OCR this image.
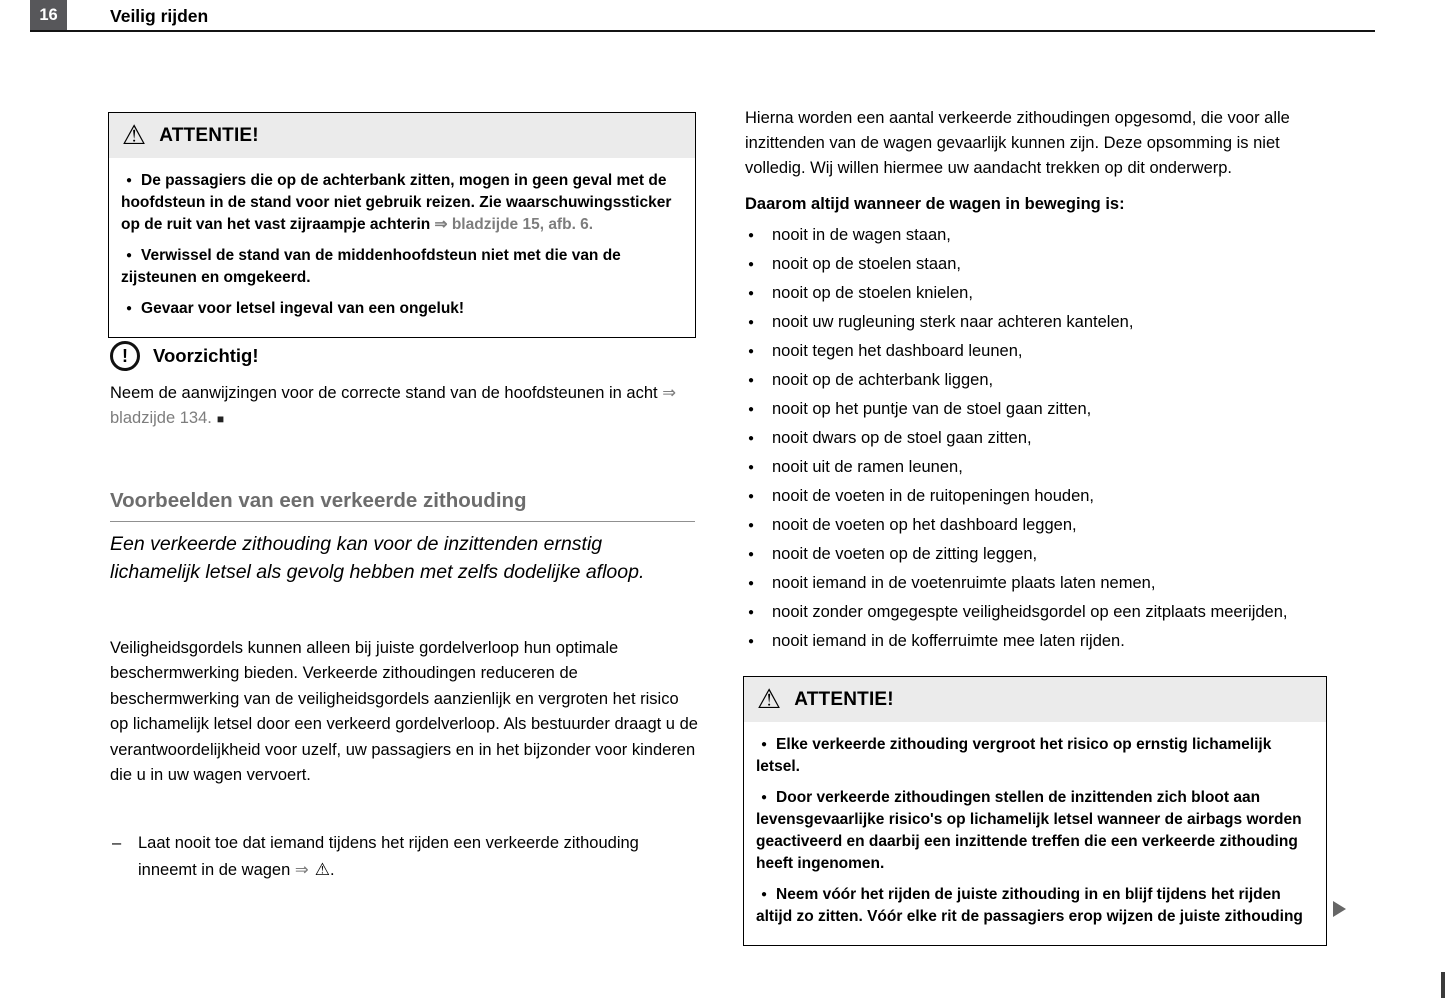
16	Veilig rijden
⚠ ATTENTIE!

● De passagiers die op de achterbank zitten, mogen in geen geval met de hoofdsteun in de stand voor niet gebruik reizen. Zie waarschuwingssticker op de ruit van het vast zijraampje achterin ⇒ bladzijde 15, afb. 6.

● Verwissel de stand van de middenhoofdsteun niet met die van de zijsteunen en omgekeerd.

● Gevaar voor letsel ingeval van een ongeluk!

!	Voorzichtig!

Neem de aanwijzingen voor de correcte stand van de hoofdsteunen in acht ⇒ bladzijde 134. ■

Voorbeelden van een verkeerde zithouding

Een verkeerde zithouding kan voor de inzittenden ernstig lichamelijk letsel als gevolg hebben met zelfs dodelijke afloop.

Veiligheidsgordels kunnen alleen bij juiste gordelverloop hun optimale beschermwerking bieden. Verkeerde zithoudingen reduceren de beschermwerking van de veiligheidsgordels aanzienlijk en vergroten het risico op lichamelijk letsel door een verkeerd gordelverloop. Als bestuurder draagt u de verantwoordelijkheid voor uzelf, uw passagiers en in het bijzonder voor kinderen die u in uw wagen vervoert.

– Laat nooit toe dat iemand tijdens het rijden een verkeerde zithouding inneemt in de wagen ⇒ ⚠.

Hierna worden een aantal verkeerde zithoudingen opgesomd, die voor alle inzittenden van de wagen gevaarlijk kunnen zijn. Deze opsomming is niet volledig. Wij willen hiermee uw aandacht trekken op dit onderwerp.

Daarom altijd wanneer de wagen in beweging is:

● nooit in de wagen staan,
● nooit op de stoelen staan,
● nooit op de stoelen knielen,
● nooit uw rugleuning sterk naar achteren kantelen,
● nooit tegen het dashboard leunen,
● nooit op de achterbank liggen,
● nooit op het puntje van de stoel gaan zitten,
● nooit dwars op de stoel gaan zitten,
● nooit uit de ramen leunen,
● nooit de voeten in de ruitopeningen houden,
● nooit de voeten op het dashboard leggen,
● nooit de voeten op de zitting leggen,
● nooit iemand in de voetenruimte plaats laten nemen,
● nooit zonder omgegespte veiligheidsgordel op een zitplaats meerijden,
● nooit iemand in de kofferruimte mee laten rijden.
⚠ ATTENTIE!

● Elke verkeerde zithouding vergroot het risico op ernstig lichamelijk letsel.

● Door verkeerde zithoudingen stellen de inzittenden zich bloot aan levensgevaarlijke risico's op lichamelijk letsel wanneer de airbags worden geactiveerd en daarbij een inzittende treffen die een verkeerde zithouding heeft ingenomen.

● Neem vóór het rijden de juiste zithouding in en blijf tijdens het rijden altijd zo zitten. Vóór elke rit de passagiers erop wijzen de juiste zithouding
